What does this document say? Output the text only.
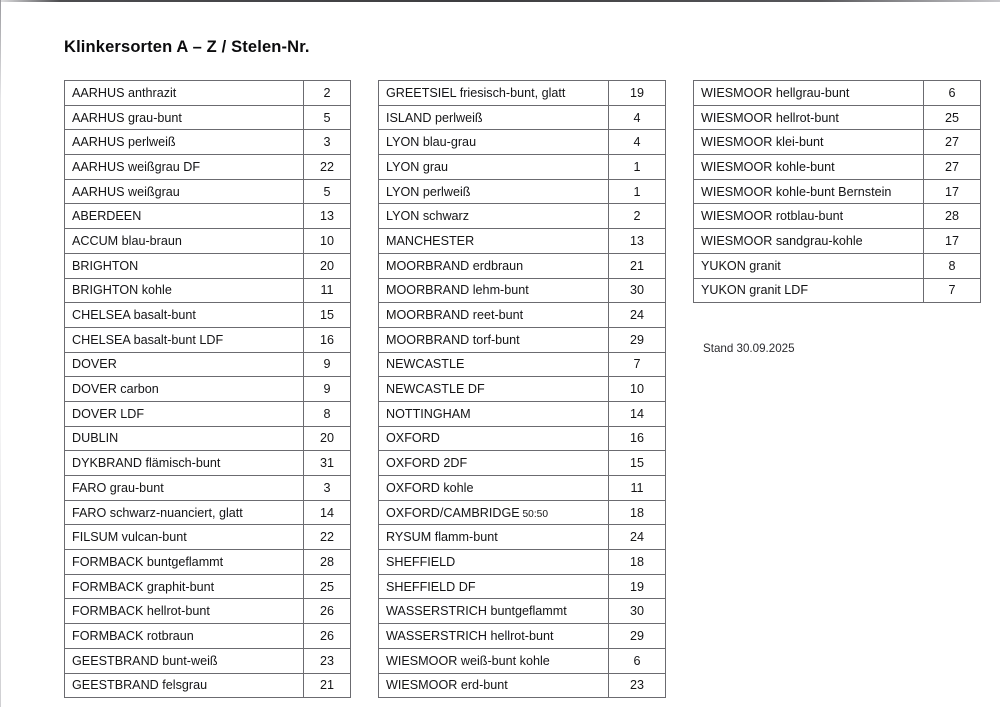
Klinkersorten A – Z / Stelen-Nr.
AARHUS anthrazit	2
AARHUS grau-bunt	5
AARHUS perlweiß	3
AARHUS weißgrau DF	22
AARHUS weißgrau	5
ABERDEEN	13
ACCUM blau-braun	10
BRIGHTON	20
BRIGHTON kohle	11
CHELSEA basalt-bunt	15
CHELSEA basalt-bunt LDF	16
DOVER	9
DOVER carbon	9
DOVER LDF	8
DUBLIN	20
DYKBRAND flämisch-bunt	31
FARO grau-bunt	3
FARO schwarz-nuanciert, glatt	14
FILSUM vulcan-bunt	22
FORMBACK buntgeflammt	28
FORMBACK graphit-bunt	25
FORMBACK hellrot-bunt	26
FORMBACK rotbraun	26
GEESTBRAND bunt-weiß	23
GEESTBRAND felsgrau	21
GREETSIEL friesisch-bunt, glatt	19
ISLAND perlweiß	4
LYON blau-grau	4
LYON grau	1
LYON perlweiß	1
LYON schwarz	2
MANCHESTER	13
MOORBRAND erdbraun	21
MOORBRAND lehm-bunt	30
MOORBRAND reet-bunt	24
MOORBRAND torf-bunt	29
NEWCASTLE	7
NEWCASTLE DF	10
NOTTINGHAM	14
OXFORD	16
OXFORD 2DF	15
OXFORD kohle	11
OXFORD/CAMBRIDGE 50:50	18
RYSUM flamm-bunt	24
SHEFFIELD	18
SHEFFIELD DF	19
WASSERSTRICH buntgeflammt	30
WASSERSTRICH hellrot-bunt	29
WIESMOOR weiß-bunt kohle	6
WIESMOOR erd-bunt	23
WIESMOOR hellgrau-bunt	6
WIESMOOR hellrot-bunt	25
WIESMOOR klei-bunt	27
WIESMOOR kohle-bunt	27
WIESMOOR kohle-bunt Bernstein	17
WIESMOOR rotblau-bunt	28
WIESMOOR sandgrau-kohle	17
YUKON granit	8
YUKON granit LDF	7
Stand 30.09.2025
